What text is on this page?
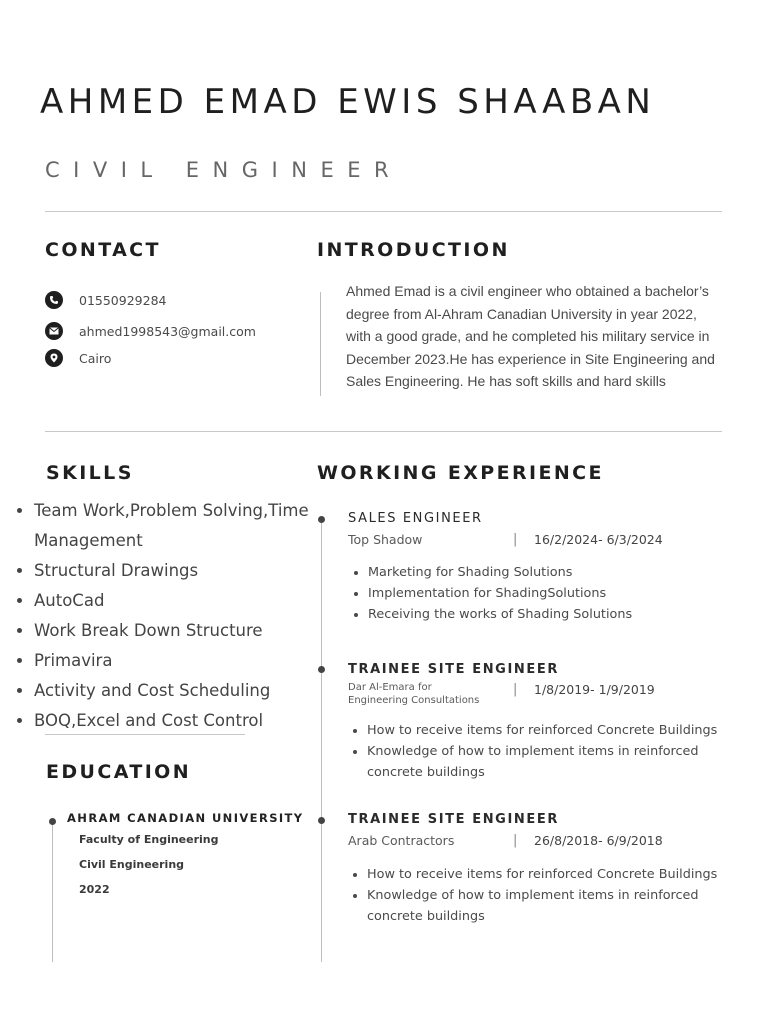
AHMED EMAD EWIS SHAABAN
CIVIL ENGINEER
CONTACT
01550929284
ahmed1998543@gmail.com
Cairo
INTRODUCTION
Ahmed Emad is a civil engineer who obtained a bachelor’s degree from Al-Ahram Canadian University in year 2022, with a good grade, and he completed his military service in December 2023.He has experience in Site Engineering and Sales Engineering. He has soft skills and hard skills
SKILLS
• Team Work,Problem Solving,Time Management
• Structural Drawings
• AutoCad
• Work Break Down Structure
• Primavira
• Activity and Cost Scheduling
• BOQ,Excel and Cost Control
EDUCATION
AHRAM CANADIAN UNIVERSITY
Faculty of Engineering
Civil Engineering
2022
WORKING EXPERIENCE
SALES ENGINEER
Top Shadow	| 16/2/2024- 6/3/2024
• Marketing for Shading Solutions
• Implementation for ShadingSolutions
• Receiving the works of Shading Solutions
TRAINEE SITE ENGINEER
Dar Al-Emara for
Engineering Consultations
| 1/8/2019- 1/9/2019
• How to receive items for reinforced Concrete Buildings
• Knowledge of how to implement items in reinforced concrete buildings
TRAINEE SITE ENGINEER
Arab Contractors	| 26/8/2018- 6/9/2018
• How to receive items for reinforced Concrete Buildings
• Knowledge of how to implement items in reinforced concrete buildings
